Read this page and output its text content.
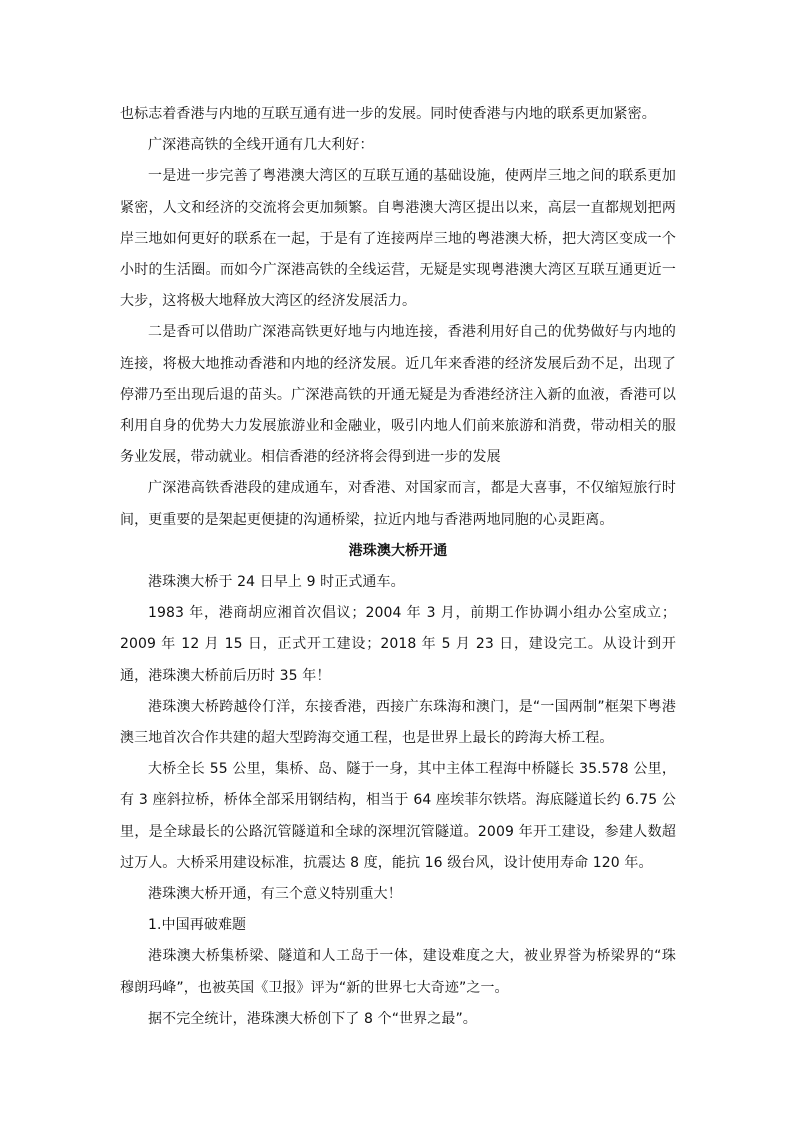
也标志着香港与内地的互联互通有进一步的发展。同时使香港与内地的联系更加紧密。

广深港高铁的全线开通有几大利好：

一是进一步完善了粤港澳大湾区的互联互通的基础设施，使两岸三地之间的联系更加紧密，人文和经济的交流将会更加频繁。自粤港澳大湾区提出以来，高层一直都规划把两岸三地如何更好的联系在一起，于是有了连接两岸三地的粤港澳大桥，把大湾区变成一个小时的生活圈。而如今广深港高铁的全线运营，无疑是实现粤港澳大湾区互联互通更近一大步，这将极大地释放大湾区的经济发展活力。

二是香可以借助广深港高铁更好地与内地连接，香港利用好自己的优势做好与内地的连接，将极大地推动香港和内地的经济发展。近几年来香港的经济发展后劲不足，出现了停滞乃至出现后退的苗头。广深港高铁的开通无疑是为香港经济注入新的血液，香港可以利用自身的优势大力发展旅游业和金融业，吸引内地人们前来旅游和消费，带动相关的服务业发展，带动就业。相信香港的经济将会得到进一步的发展

广深港高铁香港段的建成通车，对香港、对国家而言，都是大喜事，不仅缩短旅行时间，更重要的是架起更便捷的沟通桥梁，拉近内地与香港两地同胞的心灵距离。

港珠澳大桥开通

港珠澳大桥于 24 日早上 9 时正式通车。

1983 年，港商胡应湘首次倡议；2004 年 3 月，前期工作协调小组办公室成立；2009 年 12 月 15 日，正式开工建设；2018 年 5 月 23 日，建设完工。从设计到开通，港珠澳大桥前后历时 35 年！

港珠澳大桥跨越伶仃洋，东接香港，西接广东珠海和澳门，是“一国两制”框架下粤港澳三地首次合作共建的超大型跨海交通工程，也是世界上最长的跨海大桥工程。

大桥全长 55 公里，集桥、岛、隧于一身，其中主体工程海中桥隧长 35.578 公里，有 3 座斜拉桥，桥体全部采用钢结构，相当于 64 座埃菲尔铁塔。海底隧道长约 6.75 公里，是全球最长的公路沉管隧道和全球的深埋沉管隧道。2009 年开工建设，参建人数超过万人。大桥采用建设标准，抗震达 8 度，能抗 16 级台风，设计使用寿命 120 年。

港珠澳大桥开通，有三个意义特别重大！

1.中国再破难题

港珠澳大桥集桥梁、隧道和人工岛于一体，建设难度之大，被业界誉为桥梁界的“珠穆朗玛峰”，也被英国《卫报》评为“新的世界七大奇迹”之一。

据不完全统计，港珠澳大桥创下了 8 个“世界之最”。
